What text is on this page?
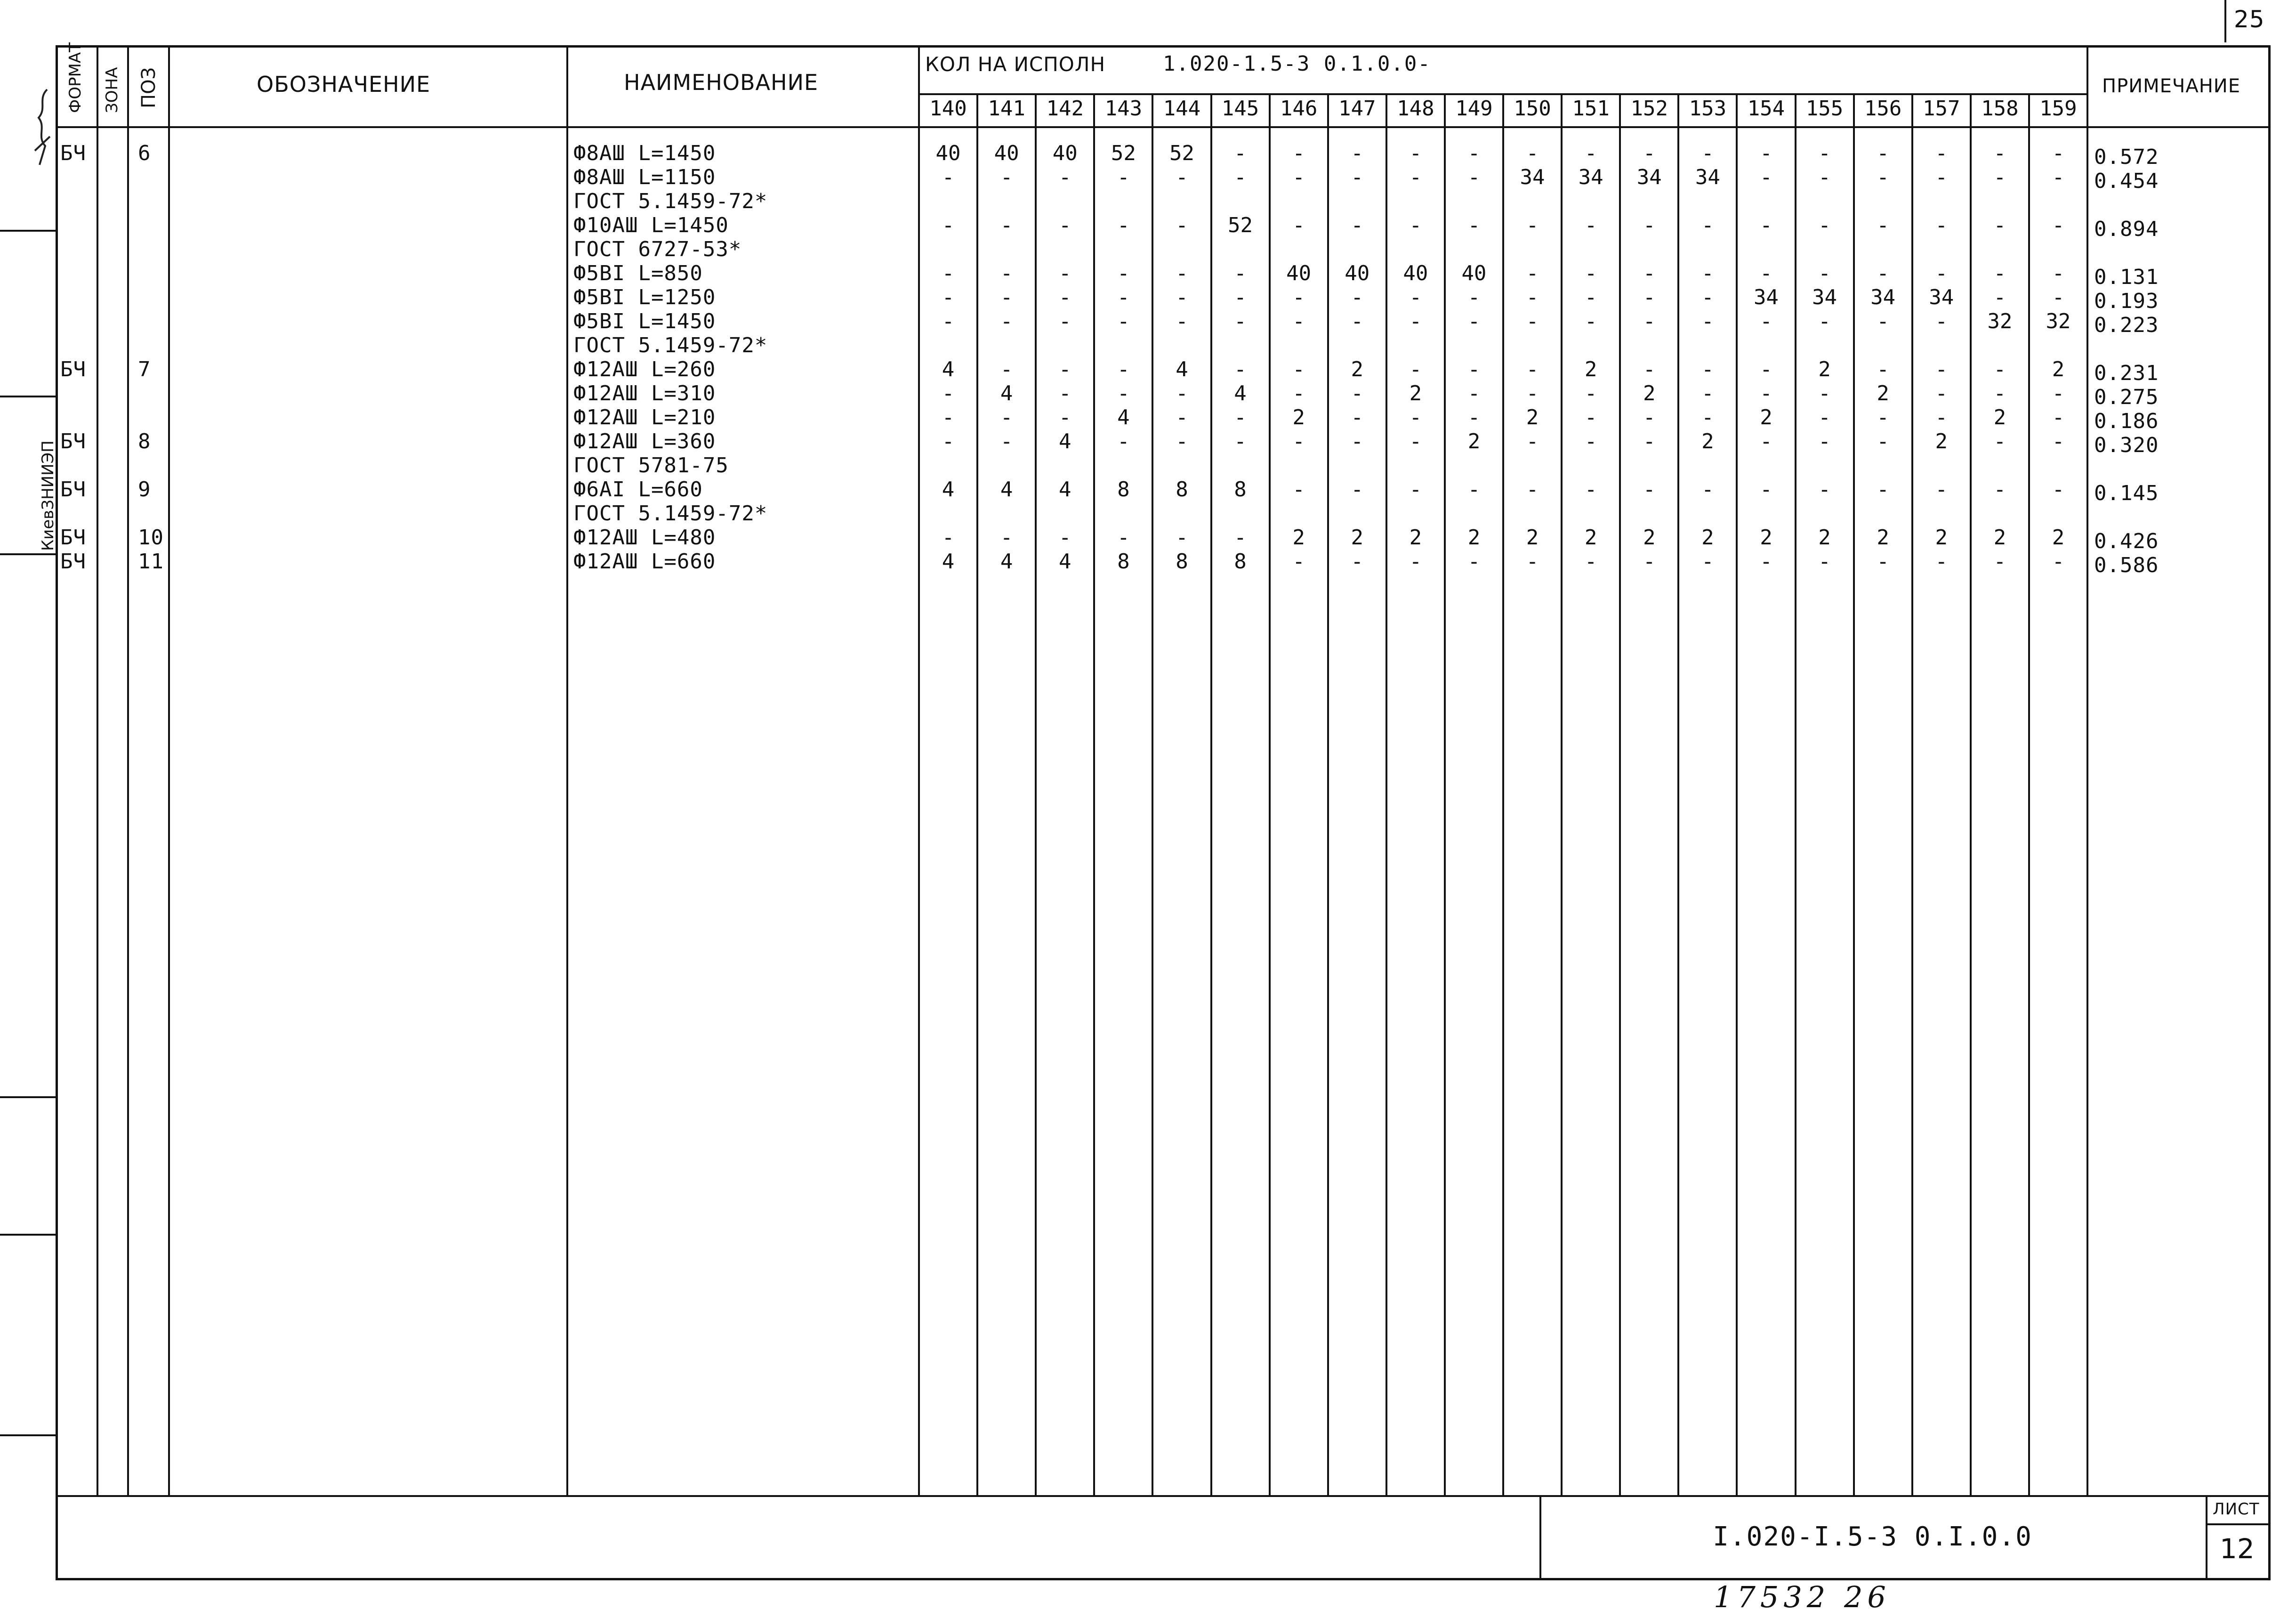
25
ФОРМАТ ЗОНА ПОЗ	ОБОЗНАЧЕНИЕ	НАИМЕНОВАНИЕ
КОЛ НА ИСПОЛН	1.020-1.5-3 0.1.0.0-
ПРИМЕЧАНИЕ
140	141	142	143	144	145	146	147	148	149	150	151	152	153	154	155	156	157	158	159
БЧ	6	Ф8АШ L=1450	40	40	40	52	52	-	-	-	-	-	-	-	-	-	-	-	-	-	-	-	0.572
Ф8АШ L=1150	-	-	-	-	-	-	-	-	-	-	34	34	34	34	-	-	-	-	-	-	0.454
ГОСТ 5.1459-72*
Ф10АШ L=1450	-	-	-	-	-	52	-	-	-	-	-	-	-	-	-	-	-	-	-	-	0.894
ГОСТ 6727-53*
Ф5BI L=850	-	-	-	-	-	-	40	40	40	40	-	-	-	-	-	-	-	-	-	-	0.131
Ф5BI L=1250	-	-	-	-	-	-	-	-	-	-	-	-	-	-	34	34	34	34	-	-	0.193
Ф5BI L=1450	-	-	-	-	-	-	-	-	-	-	-	-	-	-	-	-	-	-	32	32	0.223
ГОСТ 5.1459-72*
БЧ	7	Ф12АШ L=260	4	-	-	-	4	-	-	2	-	-	-	2	-	-	-	2	-	-	-	2	0.231
Ф12АШ L=310	-	4	-	-	-	4	-	-	2	-	-	-	2	-	-	-	2	-	-	-	0.275
Ф12АШ L=210	-	-	-	4	-	-	2	-	-	-	2	-	-	-	2	-	-	-	2	-	0.186
БЧ	8	Ф12АШ L=360	-	-	4	-	-	-	-	-	-	2	-	-	-	2	-	-	-	2	-	-	0.320
ГОСТ 5781-75
БЧ	9	Ф6АI L=660	4	4	4	8	8	8	-	-	-	-	-	-	-	-	-	-	-	-	-	-	0.145
ГОСТ 5.1459-72*
БЧ	10	Ф12АШ L=480	-	-	-	-	-	-	2	2	2	2	2	2	2	2	2	2	2	2	2	2	0.426
БЧ	11	Ф12АШ L=660	4	4	4	8	8	8	-	-	-	-	-	-	-	-	-	-	-	-	-	-	0.586
КиевЗНИИЭП
I.020-I.5-3 0.I.0.0
ЛИСТ
12
17532 26
